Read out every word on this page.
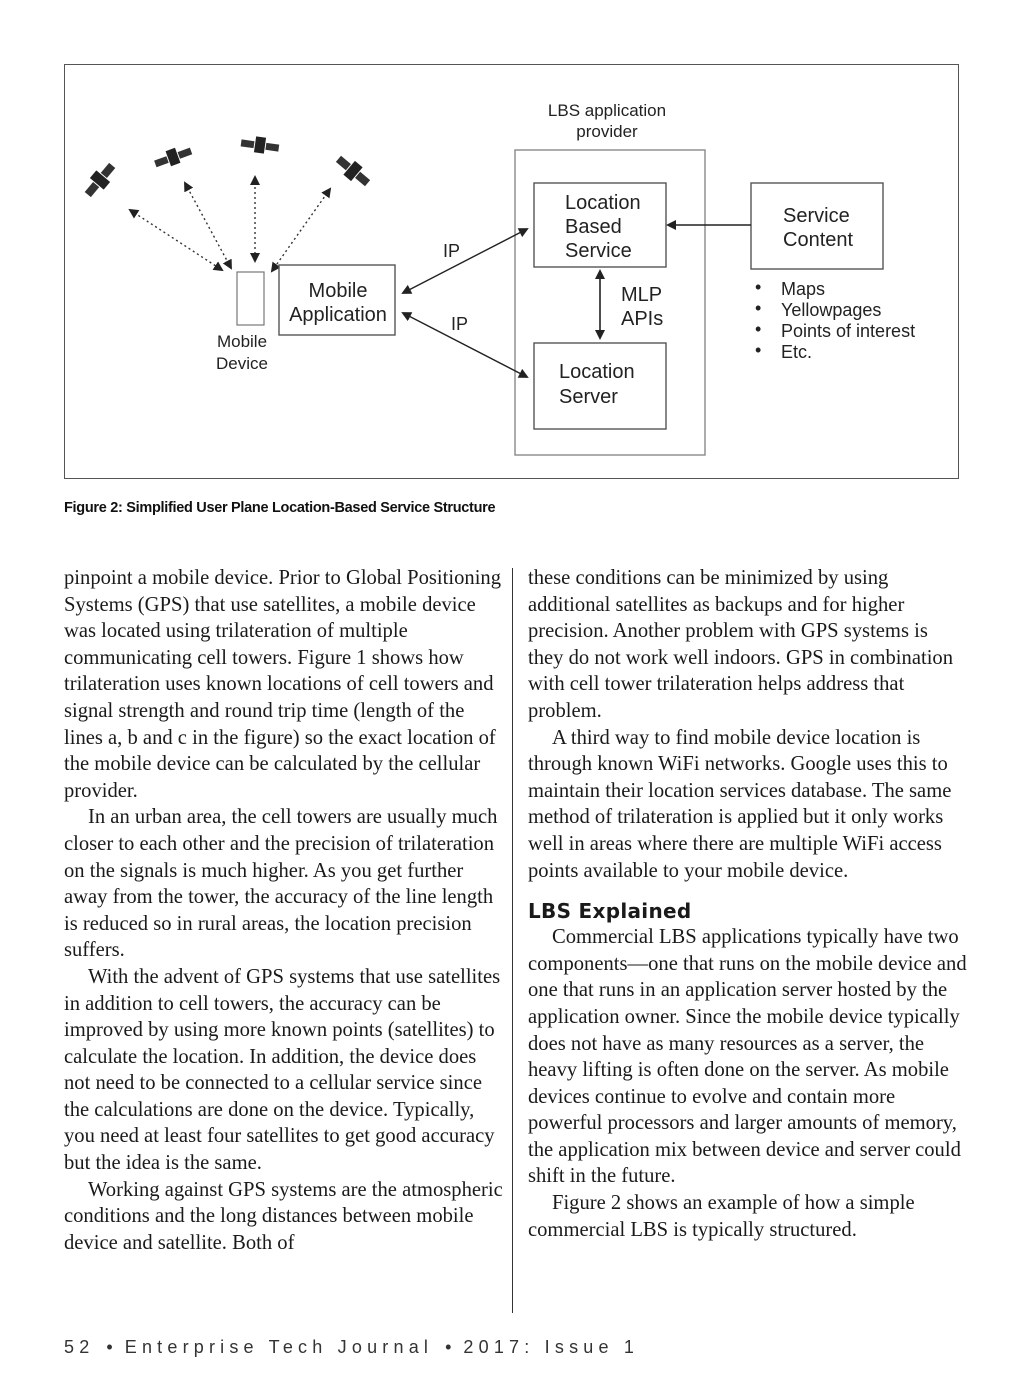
Mobile
Device
Mobile
Application
LBS application
provider
Location
Based
Service
Location
Server
MLP
APIs
Service
Content
• Maps
• Yellowpages
• Points of interest
• Etc.
IP
IP
Figure 2: Simplified User Plane Location-Based Service Structure

pinpoint a mobile device. Prior to Global Positioning Systems (GPS) that use satellites, a mobile device was located using trilateration of multiple communicating cell towers. Figure 1 shows how trilateration uses known locations of cell towers and signal strength and round trip time (length of the lines a, b and c in the figure) so the exact location of the mobile device can be calculated by the cellular provider.

In an urban area, the cell towers are usually much closer to each other and the precision of trilateration on the signals is much higher. As you get further away from the tower, the accuracy of the line length is reduced so in rural areas, the location precision suffers.

With the advent of GPS systems that use satellites in addition to cell towers, the accuracy can be improved by using more known points (satellites) to calculate the location. In addition, the device does not need to be connected to a cellular service since the calculations are done on the device. Typically, you need at least four satellites to get good accuracy but the idea is the same.

Working against GPS systems are the atmospheric conditions and the long distances between mobile device and satellite. Both of

these conditions can be minimized by using additional satellites as backups and for higher precision. Another problem with GPS systems is they do not work well indoors. GPS in combination with cell tower trilateration helps address that problem.

A third way to find mobile device location is through known WiFi networks. Google uses this to maintain their location services database. The same method of trilateration is applied but it only works well in areas where there are multiple WiFi access points available to your mobile device.

LBS Explained

Commercial LBS applications typically have two components—one that runs on the mobile device and one that runs in an application server hosted by the application owner. Since the mobile device typically does not have as many resources as a server, the heavy lifting is often done on the server. As mobile devices continue to evolve and contain more powerful processors and larger amounts of memory, the application mix between device and server could shift in the future.

Figure 2 shows an example of how a simple commercial LBS is typically structured.

52 • Enterprise Tech Journal • 2017: Issue 1
